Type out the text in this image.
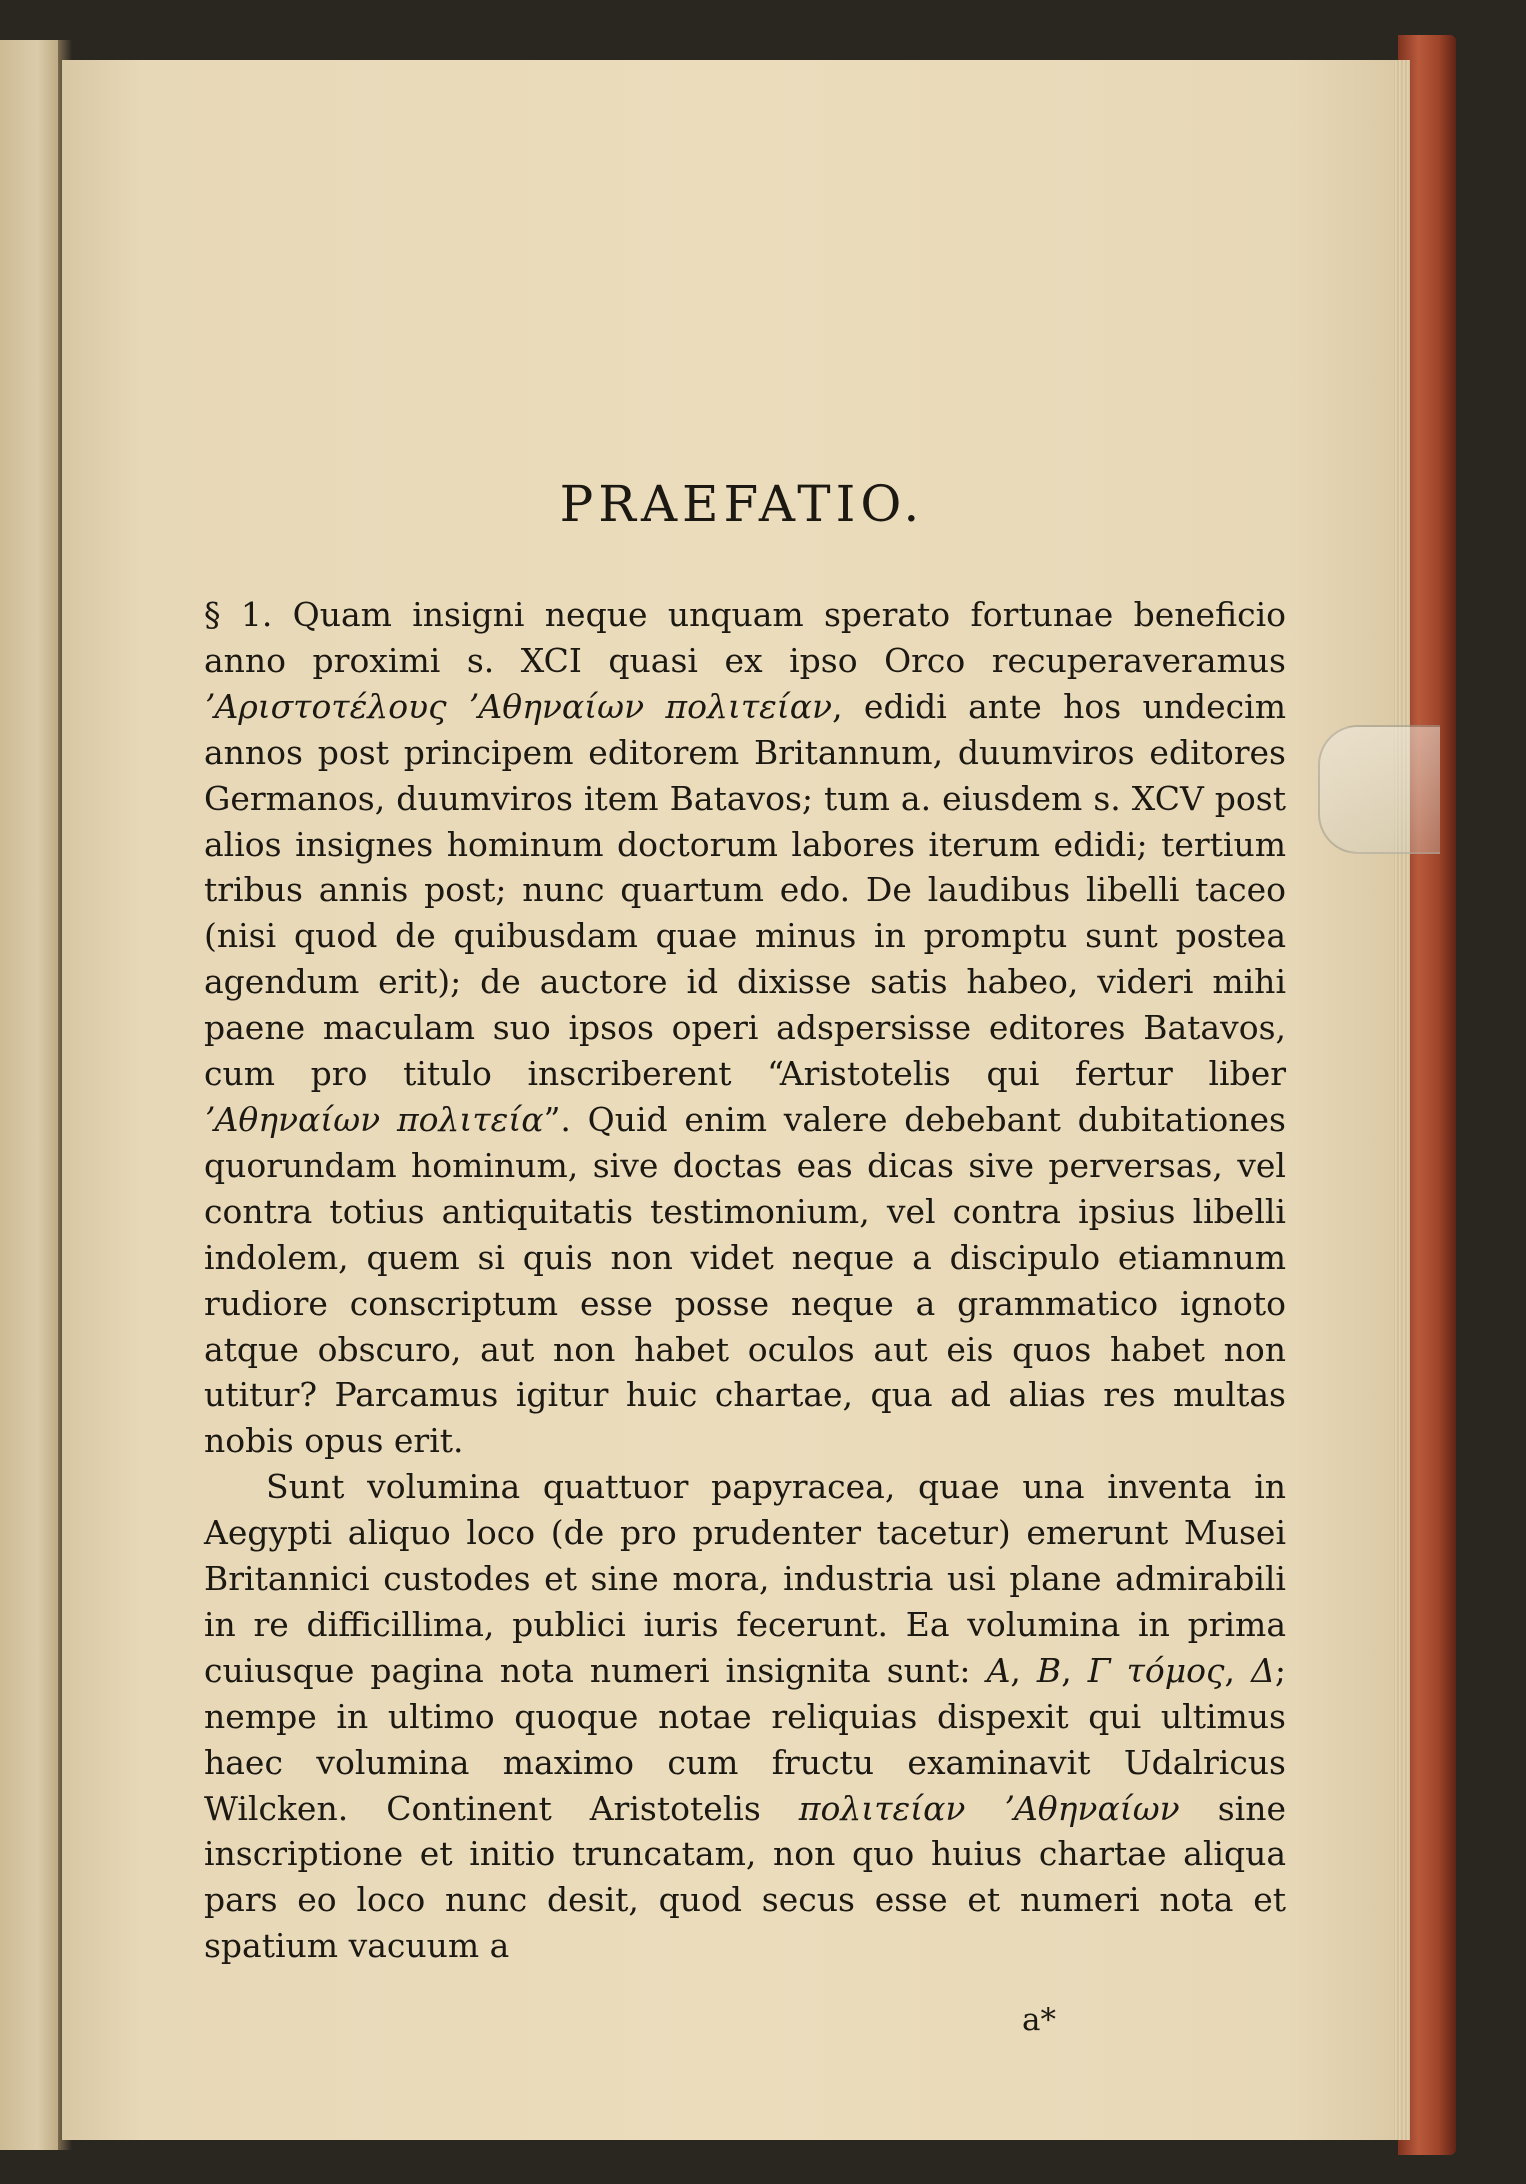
PRAEFATIO.

§ 1. Quam insigni neque unquam sperato fortunae beneficio anno proximi s. XCI quasi ex ipso Orco recuperaveramus ʼΑριστοτέλους ʼΑθηναίων πολιτείαν, edidi ante hos undecim annos post principem editorem Britannum, duumviros editores Germanos, duumviros item Batavos; tum a. eiusdem s. XCV post alios insignes hominum doctorum labores iterum edidi; tertium tribus annis post; nunc quartum edo. De laudibus libelli taceo (nisi quod de quibusdam quae minus in promptu sunt postea agendum erit); de auctore id dixisse satis habeo, videri mihi paene maculam suo ipsos operi adspersisse editores Batavos, cum pro titulo inscriberent “Aristotelis qui fertur liber ʼΑθηναίων πολιτεία”. Quid enim valere debebant dubitationes quorundam hominum, sive doctas eas dicas sive perversas, vel contra totius antiquitatis testimonium, vel contra ipsius libelli indolem, quem si quis non videt neque a discipulo etiamnum rudiore conscriptum esse posse neque a grammatico ignoto atque obscuro, aut non habet oculos aut eis quos habet non utitur? Parcamus igitur huic chartae, qua ad alias res multas nobis opus erit.

Sunt volumina quattuor papyracea, quae una inventa in Aegypti aliquo loco (de pro prudenter tacetur) emerunt Musei Britannici custodes et sine mora, industria usi plane admirabili in re difficillima, publici iuris fecerunt. Ea volumina in prima cuiusque pagina nota numeri insignita sunt: Α, Β, Γ τόμος, Δ; nempe in ultimo quoque notae reliquias dispexit qui ultimus haec volumina maximo cum fructu examinavit Udalricus Wilcken. Continent Aristotelis πολιτείαν ʼΑθηναίων sine inscriptione et initio truncatam, non quo huius chartae aliqua pars eo loco nunc desit, quod secus esse et numeri nota et spatium vacuum a

a*
